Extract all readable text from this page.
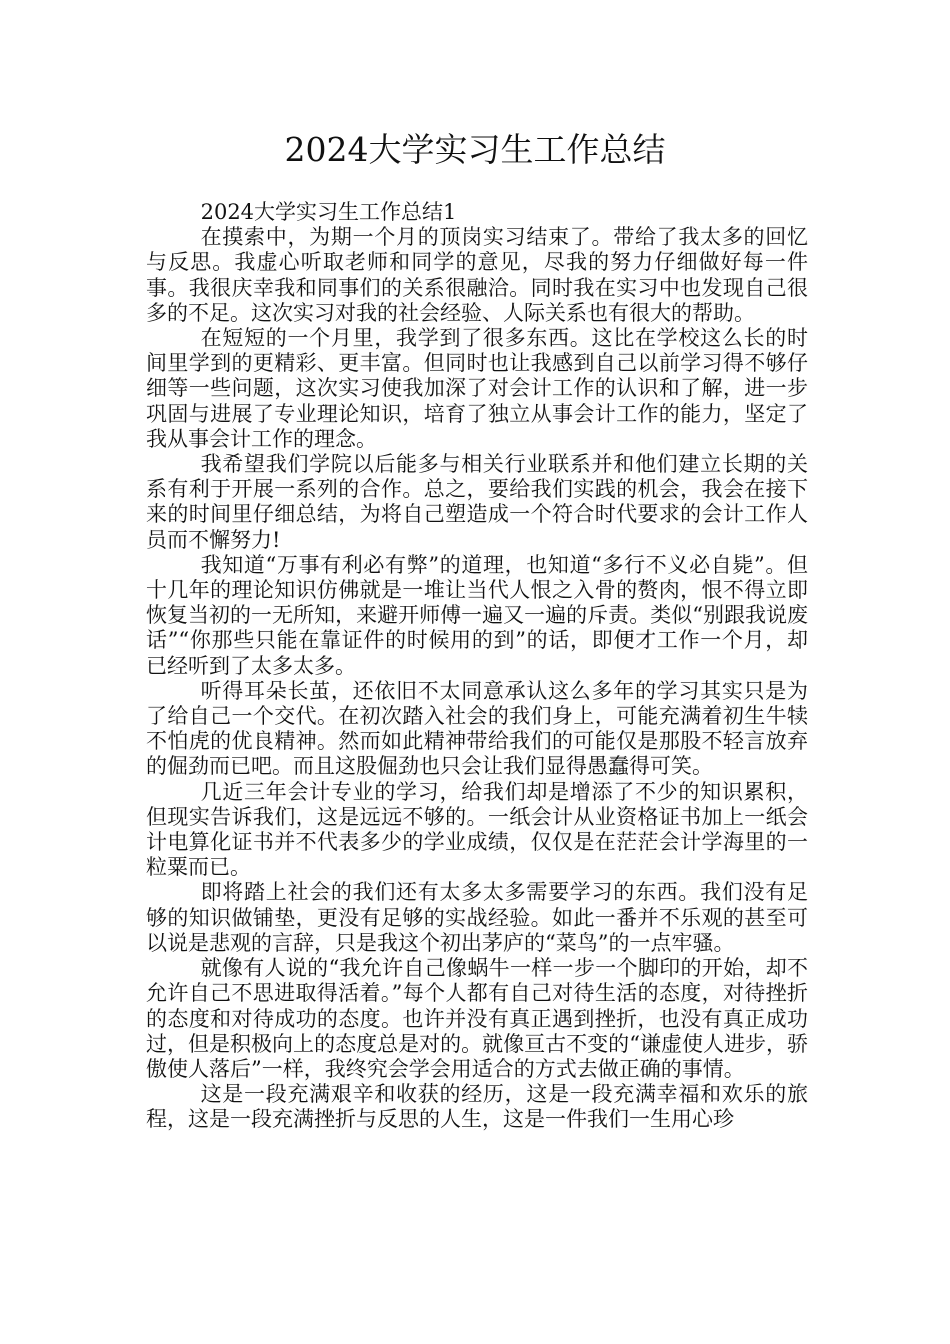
2024大学实习生工作总结

2024大学实习生工作总结1

在摸索中，为期一个月的顶岗实习结束了。带给了我太多的回忆与反思。我虚心听取老师和同学的意见，尽我的努力仔细做好每一件事。我很庆幸我和同事们的关系很融洽。同时我在实习中也发现自己很多的不足。这次实习对我的社会经验、人际关系也有很大的帮助。

在短短的一个月里，我学到了很多东西。这比在学校这么长的时间里学到的更精彩、更丰富。但同时也让我感到自己以前学习得不够仔细等一些问题，这次实习使我加深了对会计工作的认识和了解，进一步巩固与进展了专业理论知识，培育了独立从事会计工作的能力，坚定了我从事会计工作的理念。

我希望我们学院以后能多与相关行业联系并和他们建立长期的关系有利于开展一系列的合作。总之，要给我们实践的机会，我会在接下来的时间里仔细总结，为将自己塑造成一个符合时代要求的会计工作人员而不懈努力!

我知道“万事有利必有弊”的道理，也知道“多行不义必自毙”。但十几年的理论知识仿佛就是一堆让当代人恨之入骨的赘肉，恨不得立即恢复当初的一无所知，来避开师傅一遍又一遍的斥责。类似“别跟我说废话”“你那些只能在靠证件的时候用的到”的话，即便才工作一个月，却已经听到了太多太多。

听得耳朵长茧，还依旧不太同意承认这么多年的学习其实只是为了给自己一个交代。在初次踏入社会的我们身上，可能充满着初生牛犊不怕虎的优良精神。然而如此精神带给我们的可能仅是那股不轻言放弃的倔劲而已吧。而且这股倔劲也只会让我们显得愚蠢得可笑。

几近三年会计专业的学习，给我们却是增添了不少的知识累积，但现实告诉我们，这是远远不够的。一纸会计从业资格证书加上一纸会计电算化证书并不代表多少的学业成绩，仅仅是在茫茫会计学海里的一粒粟而已。

即将踏上社会的我们还有太多太多需要学习的东西。我们没有足够的知识做铺垫，更没有足够的实战经验。如此一番并不乐观的甚至可以说是悲观的言辞，只是我这个初出茅庐的“菜鸟”的一点牢骚。

就像有人说的“我允许自己像蜗牛一样一步一个脚印的开始，却不允许自己不思进取得活着。”每个人都有自己对待生活的态度，对待挫折的态度和对待成功的态度。也许并没有真正遇到挫折，也没有真正成功过，但是积极向上的态度总是对的。就像亘古不变的“谦虚使人进步，骄傲使人落后”一样，我终究会学会用适合的方式去做正确的事情。

这是一段充满艰辛和收获的经历，这是一段充满幸福和欢乐的旅程，这是一段充满挫折与反思的人生，这是一件我们一生用心珍
